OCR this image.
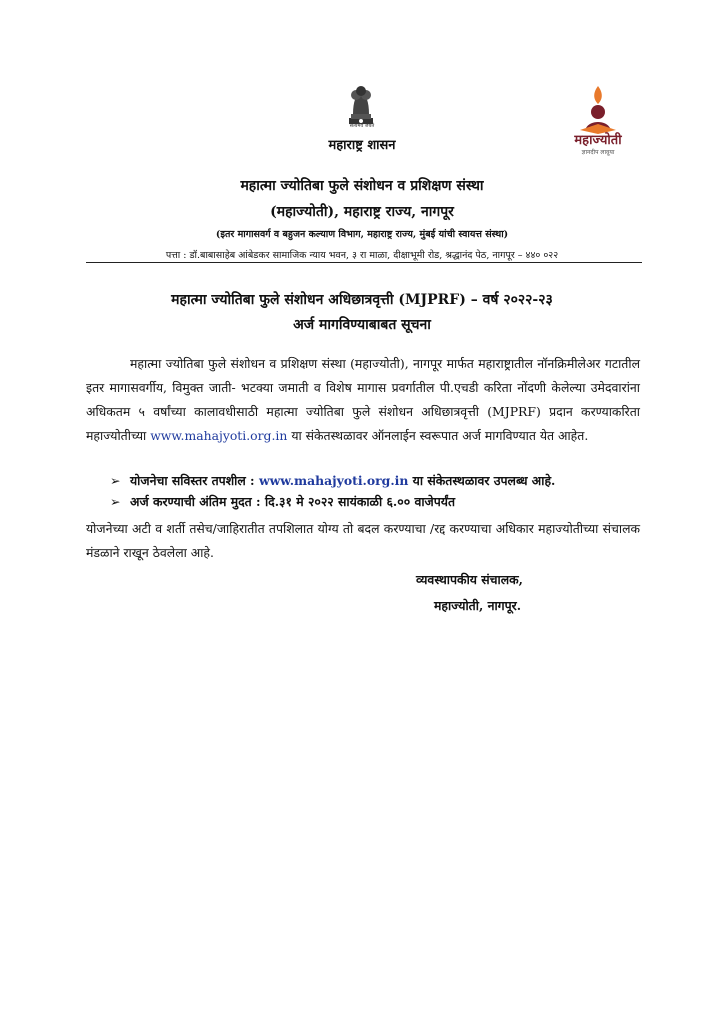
सत्यमेव जयते
महाराष्ट्र शासन	महाज्योती
ज्ञानदीप लावूया
महात्मा ज्योतिबा फुले संशोधन व प्रशिक्षण संस्था
(महाज्योती), महाराष्ट्र राज्य, नागपूर
(इतर मागासवर्ग व बहुजन कल्याण विभाग, महाराष्ट्र राज्य, मुंबई यांची स्वायत्त संस्था)
पत्ता : डॉ.बाबासाहेब आंबेडकर सामाजिक न्याय भवन, ३ रा माळा, दीक्षाभूमी रोड, श्रद्धानंद पेठ, नागपूर – ४४० ०२२
महात्मा ज्योतिबा फुले संशोधन अधिछात्रवृत्ती (MJPRF) – वर्ष २०२२-२३
अर्ज मागविण्याबाबत सूचना
महात्मा ज्योतिबा फुले संशोधन व प्रशिक्षण संस्था (महाज्योती), नागपूर मार्फत महाराष्ट्रातील नॉनक्रिमीलेअर गटातील इतर मागासवर्गीय, विमुक्त जाती- भटक्या जमाती व विशेष मागास प्रवर्गातील पी.एचडी करिता नोंदणी केलेल्या उमेदवारांना अधिकतम ५ वर्षांच्या कालावधीसाठी महात्मा ज्योतिबा फुले संशोधन अधिछात्रवृत्ती (MJPRF) प्रदान करण्याकरिता महाज्योतीच्या www.mahajyoti.org.in या संकेतस्थळावर ऑनलाईन स्वरूपात अर्ज मागविण्यात येत आहेत.
➢ योजनेचा सविस्तर तपशील : www.mahajyoti.org.in या संकेतस्थळावर उपलब्ध आहे.
➢ अर्ज करण्याची अंतिम मुदत : दि.३१ मे २०२२ सायंकाळी ६.०० वाजेपर्यंत
योजनेच्या अटी व शर्ती तसेच/जाहिरातीत तपशिलात योग्य तो बदल करण्याचा /रद्द करण्याचा अधिकार महाज्योतीच्या संचालक मंडळाने राखून ठेवलेला आहे.
व्यवस्थापकीय संचालक,
महाज्योती, नागपूर.
